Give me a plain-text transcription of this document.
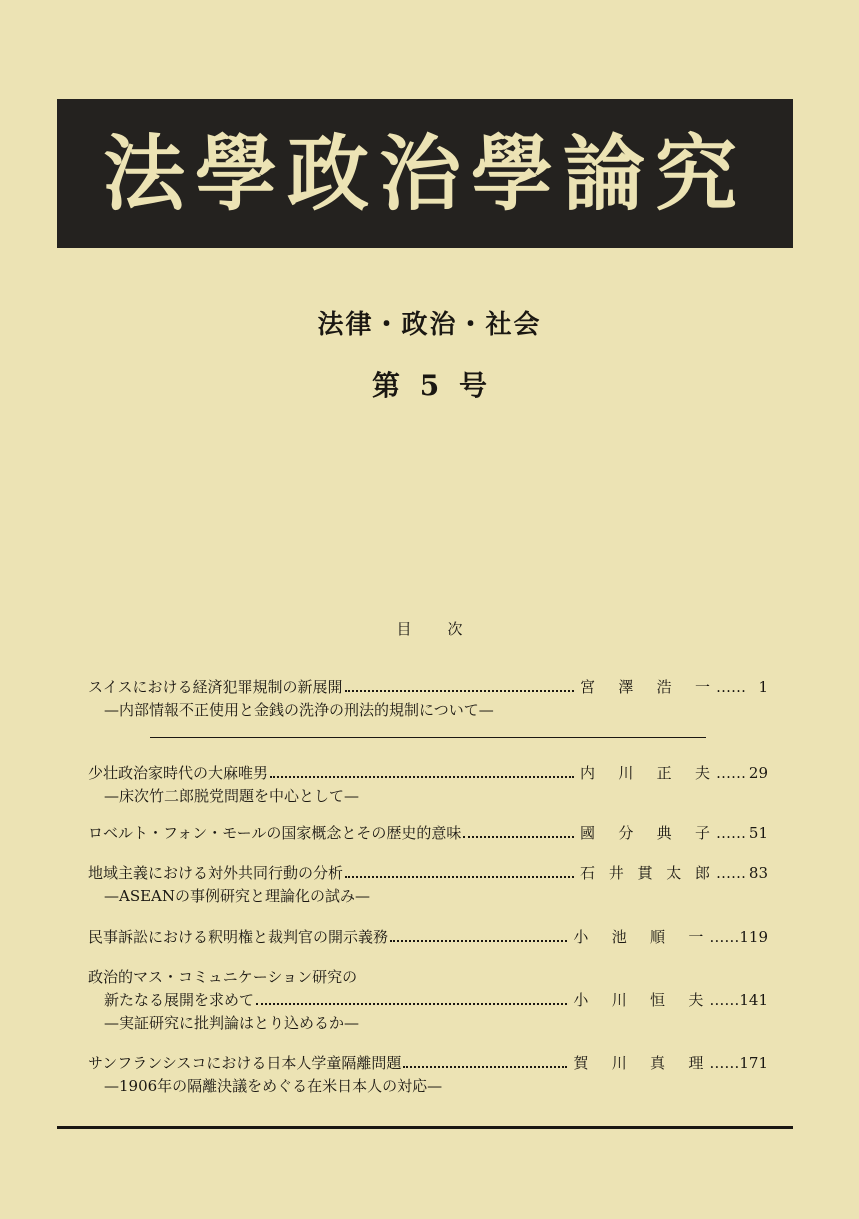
法學政治學論究
法律・政治・社会
第 5 号
目次
スイスにおける経済犯罪規制の新展開	宮 澤 浩 一 …… 1
—内部情報不正使用と金銭の洗浄の刑法的規制について—
少壮政治家時代の大麻唯男	内 川 正 夫 …… 29
—床次竹二郎脱党問題を中心として—
ロベルト・フォン・モールの国家概念とその歴史的意味	國 分 典 子 …… 51
地域主義における対外共同行動の分析	石 井 貫 太 郎 …… 83
—ASEANの事例研究と理論化の試み—
民事訴訟における釈明権と裁判官の開示義務	小 池 順 一 …… 119
政治的マス・コミュニケーション研究の
新たなる展開を求めて	小 川 恒 夫 …… 141
—実証研究に批判論はとり込めるか—
サンフランシスコにおける日本人学童隔離問題	賀 川 真 理 …… 171
—1906年の隔離決議をめぐる在米日本人の対応—
